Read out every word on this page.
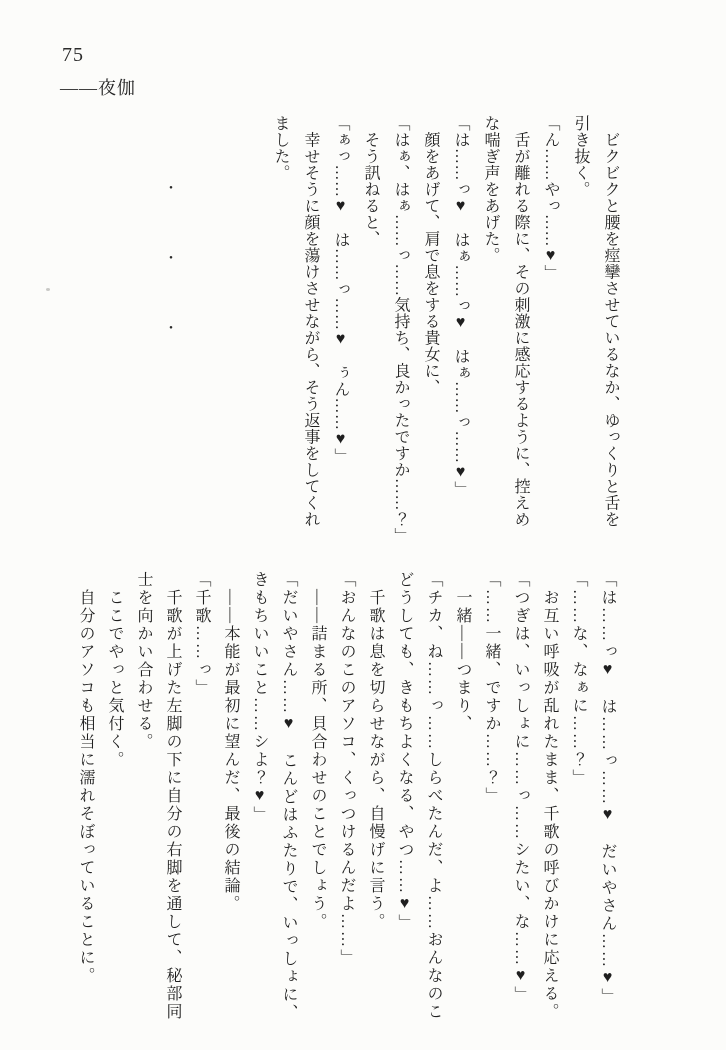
75
――夜伽

　ビクビクと腰を痙攣させているなか、ゆっくりと舌を

引き抜く。

「ん……やっ……♥」

　舌が離れる際に、その刺激に感応するように、控えめ

な喘ぎ声をあげた。

「は……っ♥　はぁ……っ♥　はぁ……っ……♥」

　顔をあげて、肩で息をする貴女に、

「はぁ、はぁ……っ……気持ち、良かったですか……？」

　そう訊ねると、

「ぁっ……♥　は……っ……♥　ぅん……♥」

　幸せそうに顔を蕩けさせながら、そう返事をしてくれ

ました。

・
・
・

「は……っ♥　は……っ……♥　だいやさん……♥」

「……な、なぁに……？」

　お互い呼吸が乱れたまま、千歌の呼びかけに応える。

「つぎは、いっしょに……っ……シたい、な……♥」

「……一緒、ですか……？」

　一緒――つまり、

「チカ、ね……っ……しらべたんだ、よ……おんなのこ

どうしても、きもちよくなる、やつ……♥」

　千歌は息を切らせながら、自慢げに言う。

「おんなのこのアソコ、くっつけるんだよ……」

　――詰まる所、貝合わせのことでしょう。

「だいやさん……♥　こんどはふたりで、いっしょに、

きもちいいこと……シよ？♥」

　――本能が最初に望んだ、最後の結論。

「千歌……っ」

　千歌が上げた左脚の下に自分の右脚を通して、秘部同

士を向かい合わせる。

　ここでやっと気付く。

　自分のアソコも相当に濡れそぼっていることに。
